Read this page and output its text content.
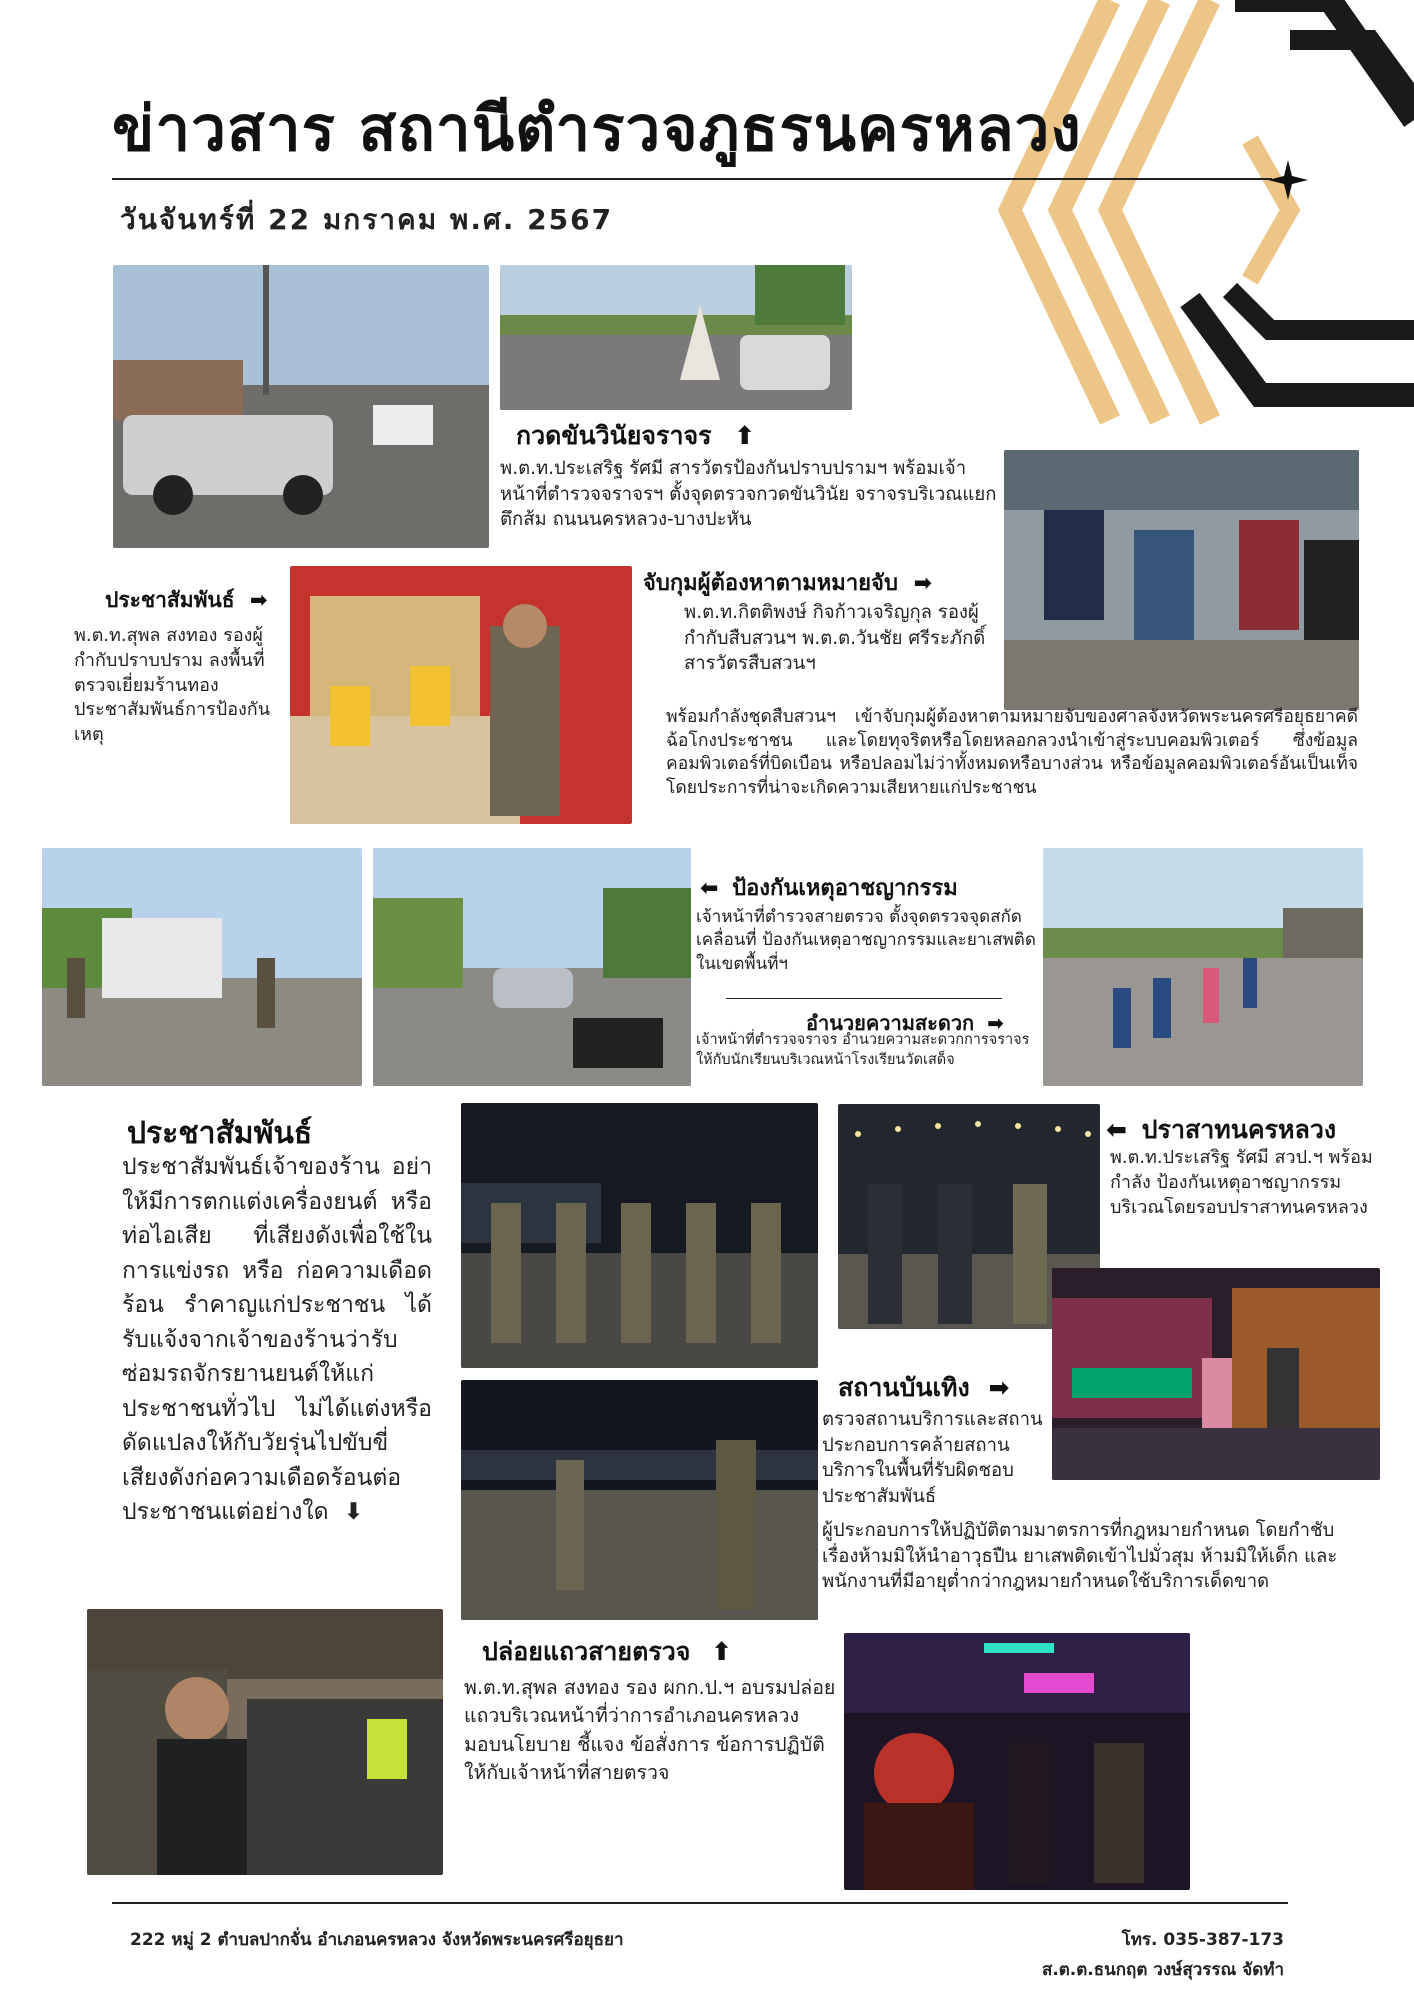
ข่าวสาร สถานีตำรวจภูธรนครหลวง
วันจันทร์ที่ 22 มกราคม พ.ศ. 2567
กวดขันวินัยจราจร ⬆
พ.ต.ท.ประเสริฐ รัศมี สารวัตรป้องกันปราบปรามฯ พร้อมเจ้าหน้าที่ตำรวจจราจรฯ ตั้งจุดตรวจกวดขันวินัย จราจรบริเวณแยกตึกส้ม ถนนนครหลวง-บางปะหัน
ประชาสัมพันธ์ ➡
พ.ต.ท.สุพล สงทอง รองผู้กำกับปราบปราม ลงพื้นที่ตรวจเยี่ยมร้านทอง ประชาสัมพันธ์การป้องกันเหตุ
จับกุมผู้ต้องหาตามหมายจับ ➡
พ.ต.ท.กิตติพงษ์ กิจก้าวเจริญกุล รองผู้กำกับสืบสวนฯ พ.ต.ต.วันชัย ศรีระภักดิ์ สารวัตรสืบสวนฯ
พร้อมกำลังชุดสืบสวนฯ เข้าจับกุมผู้ต้องหาตามหมายจับของศาลจังหวัดพระนครศรีอยุธยาคดีฉ้อโกงประชาชน และโดยทุจริตหรือโดยหลอกลวงนำเข้าสู่ระบบคอมพิวเตอร์ ซึ่งข้อมูลคอมพิวเตอร์ที่บิดเบือน หรือปลอมไม่ว่าทั้งหมดหรือบางส่วน หรือข้อมูลคอมพิวเตอร์อันเป็นเท็จ โดยประการที่น่าจะเกิดความเสียหายแก่ประชาชน
⬅ ป้องกันเหตุอาชญากรรม
เจ้าหน้าที่ตำรวจสายตรวจ ตั้งจุดตรวจจุดสกัดเคลื่อนที่ ป้องกันเหตุอาชญากรรมและยาเสพติด ในเขตพื้นที่ฯ
อำนวยความสะดวก ➡
เจ้าหน้าที่ตำรวจจราจร อำนวยความสะดวกการจราจรให้กับนักเรียนบริเวณหน้าโรงเรียนวัดเสด็จ
ประชาสัมพันธ์
ประชาสัมพันธ์เจ้าของร้าน อย่าให้มีการตกแต่งเครื่องยนต์ หรือท่อไอเสีย ที่เสียงดังเพื่อใช้ในการแข่งรถ หรือ ก่อความเดือดร้อน รำคาญแก่ประชาชน ได้รับแจ้งจากเจ้าของร้านว่ารับซ่อมรถจักรยานยนต์ให้แก่ประชาชนทั่วไป ไม่ได้แต่งหรือดัดแปลงให้กับวัยรุ่นไปขับขี่เสียงดังก่อความเดือดร้อนต่อประชาชนแต่อย่างใด ⬇
⬅ ปราสาทนครหลวง
พ.ต.ท.ประเสริฐ รัศมี สวป.ฯ พร้อมกำลัง ป้องกันเหตุอาชญากรรมบริเวณโดยรอบปราสาทนครหลวง
สถานบันเทิง ➡
ตรวจสถานบริการและสถานประกอบการคล้ายสถานบริการในพื้นที่รับผิดชอบ ประชาสัมพันธ์
ผู้ประกอบการให้ปฏิบัติตามมาตรการที่กฎหมายกำหนด โดยกำชับเรื่องห้ามมิให้นำอาวุธปืน ยาเสพติดเข้าไปมั่วสุม ห้ามมิให้เด็ก และพนักงานที่มีอายุต่ำกว่ากฎหมายกำหนดใช้บริการเด็ดขาด
ปล่อยแถวสายตรวจ ⬆
พ.ต.ท.สุพล สงทอง รอง ผกก.ป.ฯ อบรมปล่อยแถวบริเวณหน้าที่ว่าการอำเภอนครหลวง มอบนโยบาย ชี้แจง ข้อสั่งการ ข้อการปฏิบัติ ให้กับเจ้าหน้าที่สายตรวจ
222 หมู่ 2 ตำบลปากจั่น อำเภอนครหลวง จังหวัดพระนครศรีอยุธยา	โทร. 035-387-173
ส.ต.ต.ธนกฤต วงษ์สุวรรณ จัดทำ
